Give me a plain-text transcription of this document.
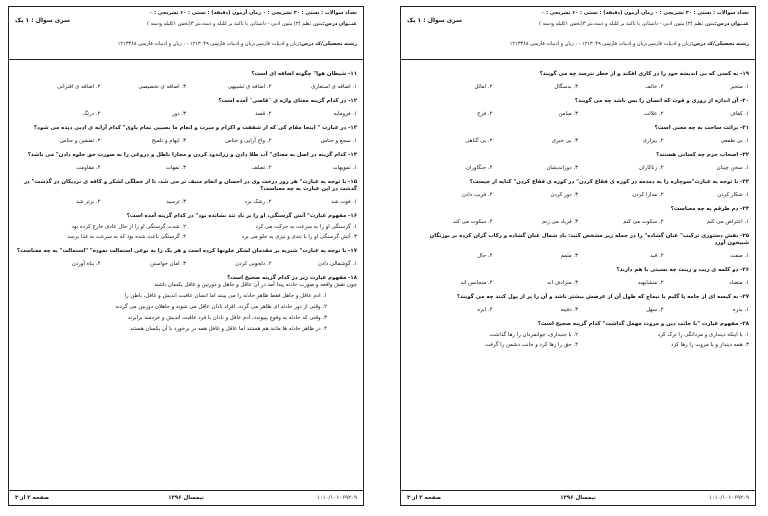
تعداد سوالات : تستی : ۳۰ تشریحی : ۰ زمان آزمون (دقیقه) : تستی : ۶۰ تشریحی : ۰
سری سوال : ۱ یک	عنــوان درس:متون نظم (۳) متون ادبی - داستانی با تاکید بر کلیله و دمنه،نثر ۳(بخش ۱کلیله ودمنه )
رشته تحصیلی/کد درس:زبان و ادبیات فارسی،زبان و ادبیات فارسی ۱۲۱۳۰۴۹ - ، زبان و ادبیات فارسی ۱۲۱۳۳۶۸
۱۱- شیطان هوا" چگونه اضافه ای است؟
۱. اضافه ی استعاری
۲. اضافه ی تشبیهی
۳. اضافه ی تخصیصی
۴. اضافه ی اقترانی
۱۲- در کدام گزینه معنای واژه ی ¨قاصی¨ آمده است؟
۱. فرومایه
۲. قصد
۳. دور
۴. درنگ
۱۳- در عبارت " اینجا مقام کی که از شفقت و اکرام و مبرت و انعام ما نصیبی تمام یاوی" کدام آرایه ی ادبی دیده می شود؟
۱. سجع و جناس
۲. واج آرایی و جناس
۳. ایهام و تلمیح
۴. تضمین و جناس
۱۴- کدام گزینه در اصل به معنای" آب طلا دادن و زراندود کردن و مجازا باطل و دروغی را به صورت حق جلوه دادن" می باشد؟
۱. تمویهات
۲. تصلف
۳. تمهات
۴. مقاومت
۱۵- با توجه به عبارت" هر روز درخت وی در احسان و انعام منیف تر می شد، تا از جملگی لشکر و کافه ی نزدیکان در گذشت" در گذشت در این عبارت به چه معناست؟
۱. فوت شد
۲. رشک برد
۳. ترسید
۴. برتر شد
۱۶- مفهوم عبارت" آتش گرسنگی، او را بر باد تند نشانده بود" در کدام گزینه آمده است؟
۱. گرسنگی او را به سرعت به حرکت می کرد
۲. شدت گرسنگی او را از حال عادی خارج کرده بود
۳. آتش گرسنگی او را با تندی و تیزی به جلو می برد
۴. گرسنگی باعث شده بود که به سرعت به غذا برسد
۱۷- با توجه به عبارت" شتربه بر مقدمان لشکر خلوتها کرده است و هر یک را به نوعی استمالت نموده" "استمالت" به چه معناست؟
۱. گوشمالی دادن
۲. دلجویی کردن
۳. امان خواستن
۴. پناه آوردن
۱۸- مفهوم عبارت زیر در کدام گزینه صحیح است؟
چون نقش واقعه و صورت حادثه پیدا آمد در آن عاقل و جاهل و دوربین و غافل یکسان باشند
۱. ادم عاقل و جاهل فقط ظاهر حادثه را می بینند اما انسان عاقبت اندیش و غافل، باطن را
۲. وقتی از دور حادثه ای ظاهر می گردد، افراد نادان عاقل می شوند و جاهلان دوربین می گردند
۳. وقتی که حادثه به وقوع بپیوندد، آدم عاقل و نادان با فرد عاقبت اندیش و خردمند برابرند
۴. در ظاهر حادثه ها مانند هم هستند اما عاقل و غافل همه در برخورد با آن یکسان هستند
۱۰۱۰/۱۰۱۰۶۹۲۰۹
نیمسال ۱۳۹۶
صفحه ۲ از ۴
تعداد سوالات : تستی : ۳۰ تشریحی : ۰ زمان آزمون (دقیقه) : تستی : ۶۰ تشریحی : ۰
سری سوال : ۱ یک	عنــوان درس:متون نظم (۳) متون ادبی - داستانی با تاکید بر کلیله و دمنه،نثر ۳(بخش ۱کلیله ودمنه )
رشته تحصیلی/کد درس:زبان و ادبیات فارسی،زبان و ادبیات فارسی ۱۲۱۳۰۴۹ - ، زبان و ادبیات فارسی ۱۲۱۳۳۶۸
۱۹- به کسی که بی اندیشه خود را در کاری افکند و از خطر نترسد چه می گویند؟
۱. متحیر
۲. خائف
۳. بدسگال
۴. امائل
۲۰- آن اندازه از روزی و قوت که انسان را بس باشد چه می گویند؟
۱. کفاف
۲. علالت
۳. میامن
۴. فرج
۲۱- برائت ساحت به چه معنی است؟
۱. بی طمعی
۲. بیزاری
۳. بی خبری
۴. بی گناهی
۲۲- اصحاب حزم چه کسانی هستند؟
۱. سخن چینان
۲. زناکاران
۳. دوراندیشان
۴. جنگاوران
۲۳- با توجه به عبارت"سوچاره را به دمدمه در کوزه ی فقاع کردن" در کوزه ی فقاع کردن" کنایه از چیست؟
۱. شکار کردن
۲. مدارا کردن
۳. دور کردن
۴. فریب دادن
۲۴- دم طرقم به چه معناست؟
۱. اعتراض می کنم
۲. سکوت می کنم
۳. فریاد می زنم
۴. سکوت می کند
۲۵- نقش دستوری ترکیب" عنان گشاده" را در جمله زیر مشخص کنید: باد شمال عنان گشاده و رکاب گران کرده بر بوزنگان شبیخون آورد
۱. صفت
۲. قید
۳. متمم
۴. حال
۲۶- دو کلمه ی زیب و زینت چه نسبتی با هم دارند؟
۱. متضاد
۲. متشابهند
۳. مترادف اند
۴. متجانس اند
۲۷- به کیسه ای از جامه یا گلیم یا نیماچ که طول آن از عرضش بیشتر باشد و آن را پر از پول کنند چه می گویند؟
۱. بدره
۲. سهل
۳. دفینه
۴. ابره
۲۸- مفهوم عبارت "با جانب دین و مروت مهمل گذاشت" کدام گزینه صحیح است؟
۱. با اینکه دینداری و مردانگی را ترک کرد
۲. با جنبداری، جوانمردان را رها گذاشت
۳. همه دیندار و با مروت را رها کرد
۴. حق را رها کرد و جانب دشمن را گرفت
۱۰۱۰/۱۰۱۰۶۹۲۰۹
نیمسال ۱۳۹۶
صفحه ۳ از ۴
